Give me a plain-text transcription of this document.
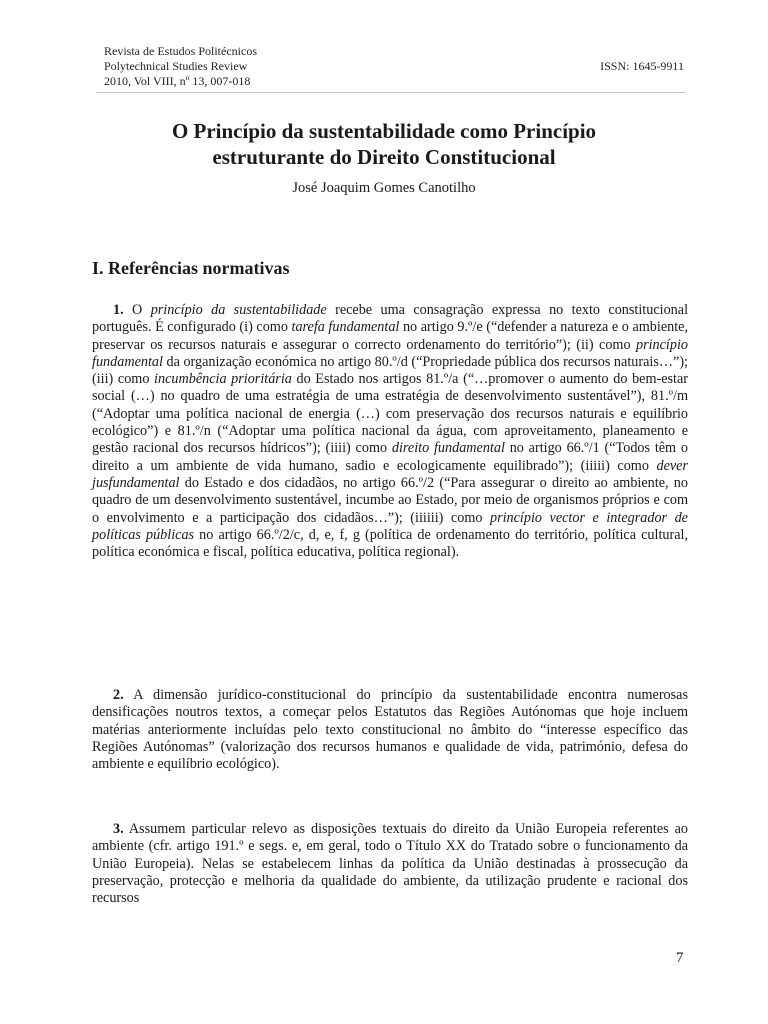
Revista de Estudos Politécnicos
Polytechnical Studies Review
2010, Vol VIII, nº 13, 007-018
ISSN: 1645-9911
O Princípio da sustentabilidade como Princípio
estruturante do Direito Constitucional
José Joaquim Gomes Canotilho
I. Referências normativas

1. O princípio da sustentabilidade recebe uma consagração expressa no texto constitucional português. É configurado (i) como tarefa fundamental no artigo 9.º/e (“defender a natureza e o ambiente, preservar os recursos naturais e assegurar o correcto ordenamento do território”); (ii) como princípio fundamental da organização económica no artigo 80.º/d (“Propriedade pública dos recursos naturais…”); (iii) como incumbência prioritária do Estado nos artigos 81.º/a (“…promover o aumento do bem-estar social (…) no quadro de uma estratégia de uma estratégia de desenvolvimento sustentável”), 81.º/m (“Adoptar uma política nacional de energia (…) com preservação dos recursos naturais e equilíbrio ecológico”) e 81.º/n (“Adoptar uma política nacional da água, com aproveitamento, planeamento e gestão racional dos recursos hídricos”); (iiii) como direito fundamental no artigo 66.º/1 (“Todos têm o direito a um ambiente de vida humano, sadio e ecologicamente equilibrado”); (iiiii) como dever jusfundamental do Estado e dos cidadãos, no artigo 66.º/2 (“Para assegurar o direito ao ambiente, no quadro de um desenvolvimento sustentável, incumbe ao Estado, por meio de organismos próprios e com o envolvimento e a participação dos cidadãos…”); (iiiiii) como princípio vector e integrador de políticas públicas no artigo 66.º/2/c, d, e, f, g (política de ordenamento do território, política cultural, política económica e fiscal, política educativa, política regional).

2. A dimensão jurídico-constitucional do princípio da sustentabilidade encontra numerosas densificações noutros textos, a começar pelos Estatutos das Regiões Autónomas que hoje incluem matérias anteriormente incluídas pelo texto constitucional no âmbito do “interesse específico das Regiões Autónomas” (valorização dos recursos humanos e qualidade de vida, património, defesa do ambiente e equilíbrio ecológico).

3. Assumem particular relevo as disposições textuais do direito da União Europeia referentes ao ambiente (cfr. artigo 191.º e segs. e, em geral, todo o Título XX do Tratado sobre o funcionamento da União Europeia). Nelas se estabelecem linhas da política da União destinadas à prossecução da preservação, protecção e melhoria da qualidade do ambiente, da utilização prudente e racional dos recursos

7
